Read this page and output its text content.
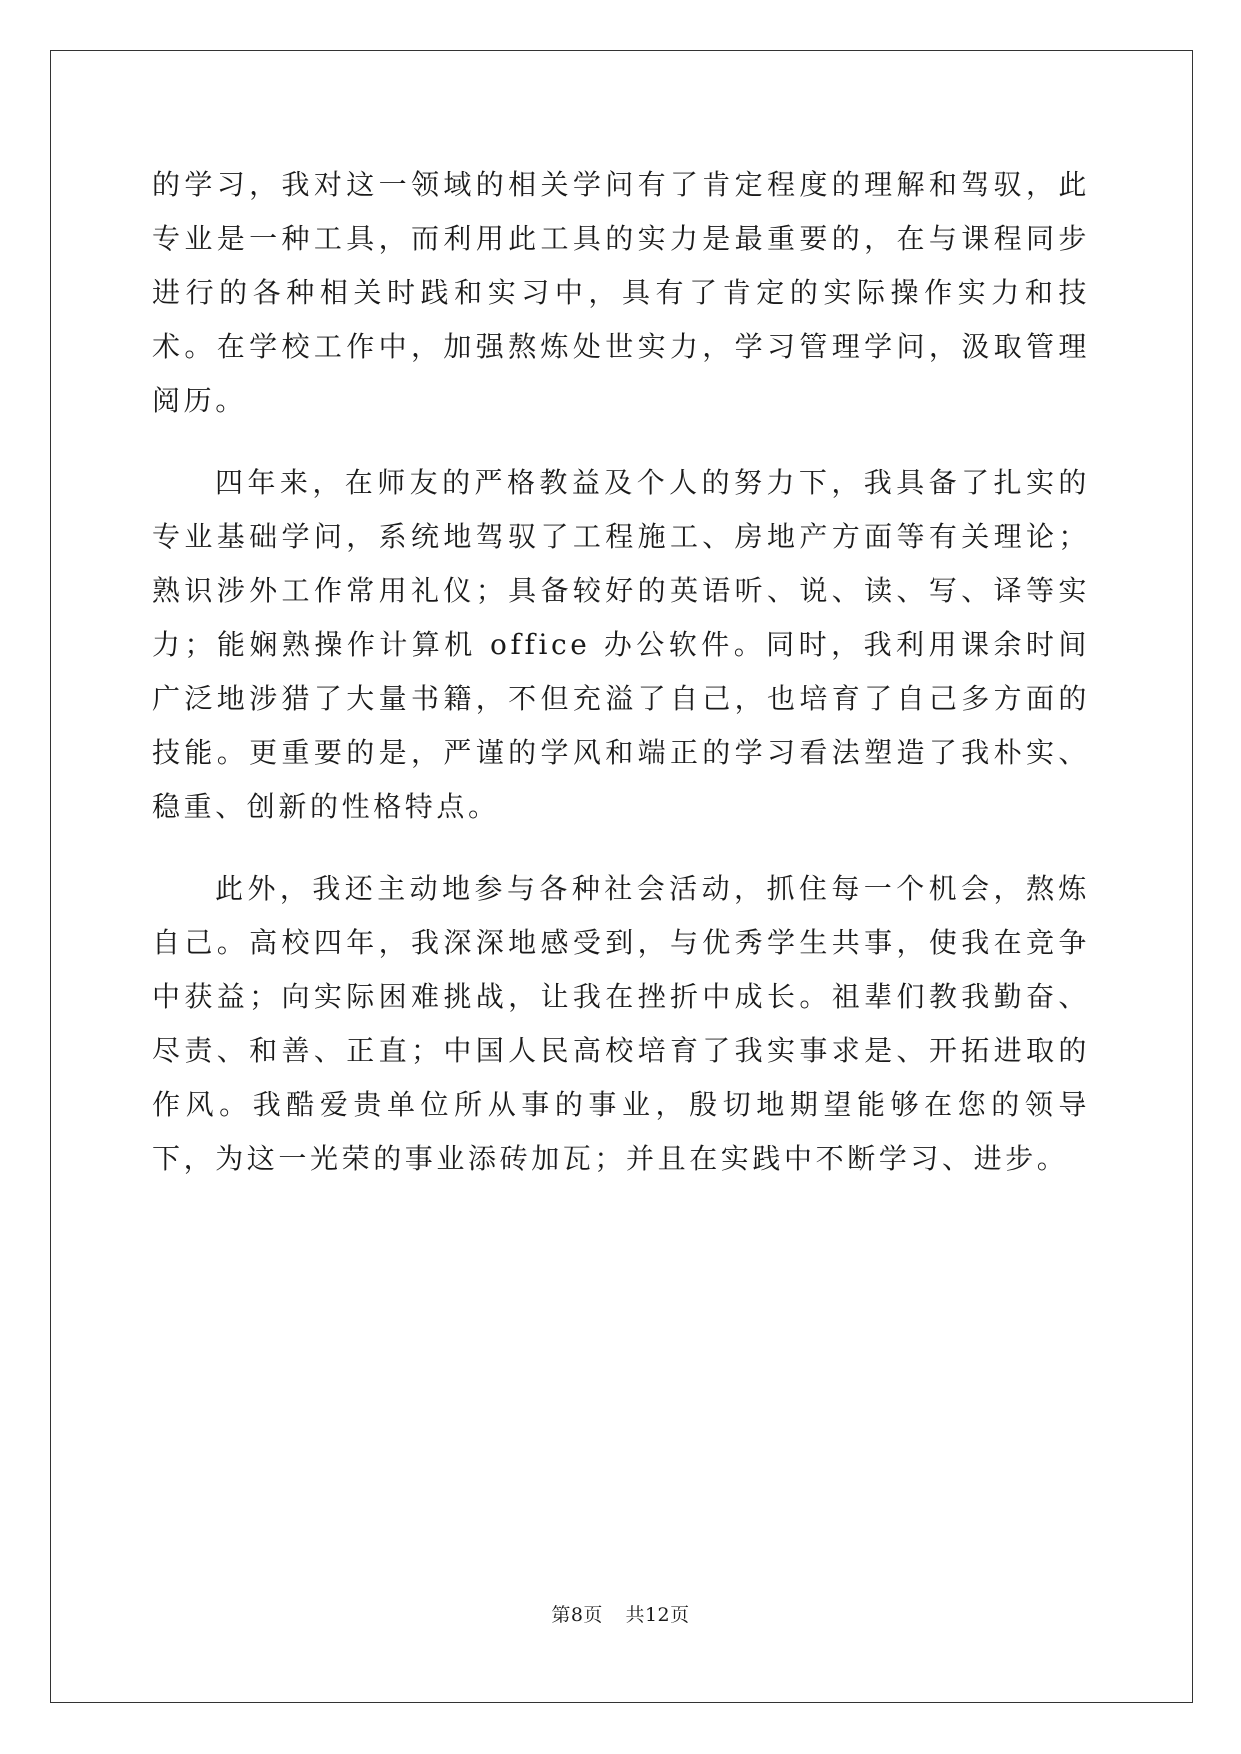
的学习，我对这一领域的相关学问有了肯定程度的理解和驾驭，此专业是一种工具，而利用此工具的实力是最重要的，在与课程同步进行的各种相关时践和实习中，具有了肯定的实际操作实力和技术。在学校工作中，加强熬炼处世实力，学习管理学问，汲取管理阅历。

四年来，在师友的严格教益及个人的努力下，我具备了扎实的专业基础学问，系统地驾驭了工程施工、房地产方面等有关理论；熟识涉外工作常用礼仪；具备较好的英语听、说、读、写、译等实力；能娴熟操作计算机 office 办公软件。同时，我利用课余时间广泛地涉猎了大量书籍，不但充溢了自己，也培育了自己多方面的技能。更重要的是，严谨的学风和端正的学习看法塑造了我朴实、稳重、创新的性格特点。

此外，我还主动地参与各种社会活动，抓住每一个机会，熬炼自己。高校四年，我深深地感受到，与优秀学生共事，使我在竞争中获益；向实际困难挑战，让我在挫折中成长。祖辈们教我勤奋、尽责、和善、正直；中国人民高校培育了我实事求是、开拓进取的作风。我酷爱贵单位所从事的事业，殷切地期望能够在您的领导下，为这一光荣的事业添砖加瓦；并且在实践中不断学习、进步。

第8页 共12页
